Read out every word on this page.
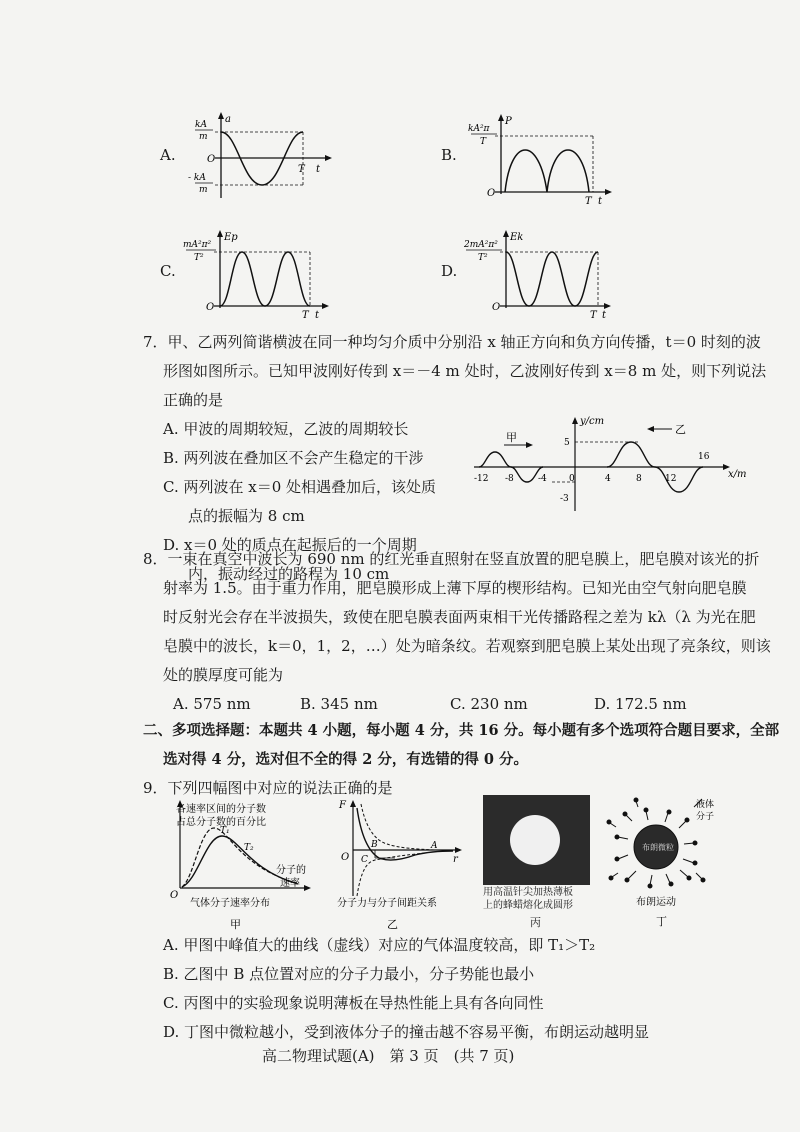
A.
a
kA
m
- kA
m
O
T t
B.
P
kA²π
T
O
T t
C.
Ep
mA²π²
T²
O
T t
D.
Ek
2mA²π²
T²
O
T t
7．甲、乙两列简谐横波在同一种均匀介质中分别沿 x 轴正方向和负方向传播，t＝0 时刻的波
形图如图所示。已知甲波刚好传到 x＝－4 m 处时，乙波刚好传到 x＝8 m 处，则下列说法
正确的是
A. 甲波的周期较短，乙波的周期较长
B. 两列波在叠加区不会产生稳定的干涉
C. 两列波在 x＝0 处相遇叠加后，该处质
点的振幅为 8 cm
D. x＝0 处的质点在起振后的一个周期
内，振动经过的路程为 10 cm
y/cm
x/m
甲
乙
5
-3
-12 -8	-4 0	4	8	12
16
8．一束在真空中波长为 690 nm 的红光垂直照射在竖直放置的肥皂膜上，肥皂膜对该光的折
射率为 1.5。由于重力作用，肥皂膜形成上薄下厚的楔形结构。已知光由空气射向肥皂膜
时反射光会存在半波损失，致使在肥皂膜表面两束相干光传播路程之差为 kλ（λ 为光在肥
皂膜中的波长，k＝0，1，2，…）处为暗条纹。若观察到肥皂膜上某处出现了亮条纹，则该
处的膜厚度可能为
A. 575 nm	B. 345 nm	C. 230 nm	D. 172.5 nm
二、多项选择题：本题共 4 小题，每小题 4 分，共 16 分。每小题有多个选项符合题目要求，全部
选对得 4 分，选对但不全的得 2 分，有选错的得 0 分。
9．下列四幅图中对应的说法正确的是
各速率区间的分子数
占总分子数的百分比
T₁
T₂
分子的
速率
O
气体分子速率分布
甲
F
B
C
A
r
O
分子力与分子间距关系
乙
用高温针尖加热薄板
上的蜂蜡熔化成圆形
丙
液体
分子
布朗微粒
布朗运动
丁
A. 甲图中峰值大的曲线（虚线）对应的气体温度较高，即 T₁＞T₂
B. 乙图中 B 点位置对应的分子力最小，分子势能也最小
C. 丙图中的实验现象说明薄板在导热性能上具有各向同性
D. 丁图中微粒越小，受到液体分子的撞击越不容易平衡，布朗运动越明显
高二物理试题(A)　第 3 页　(共 7 页)
